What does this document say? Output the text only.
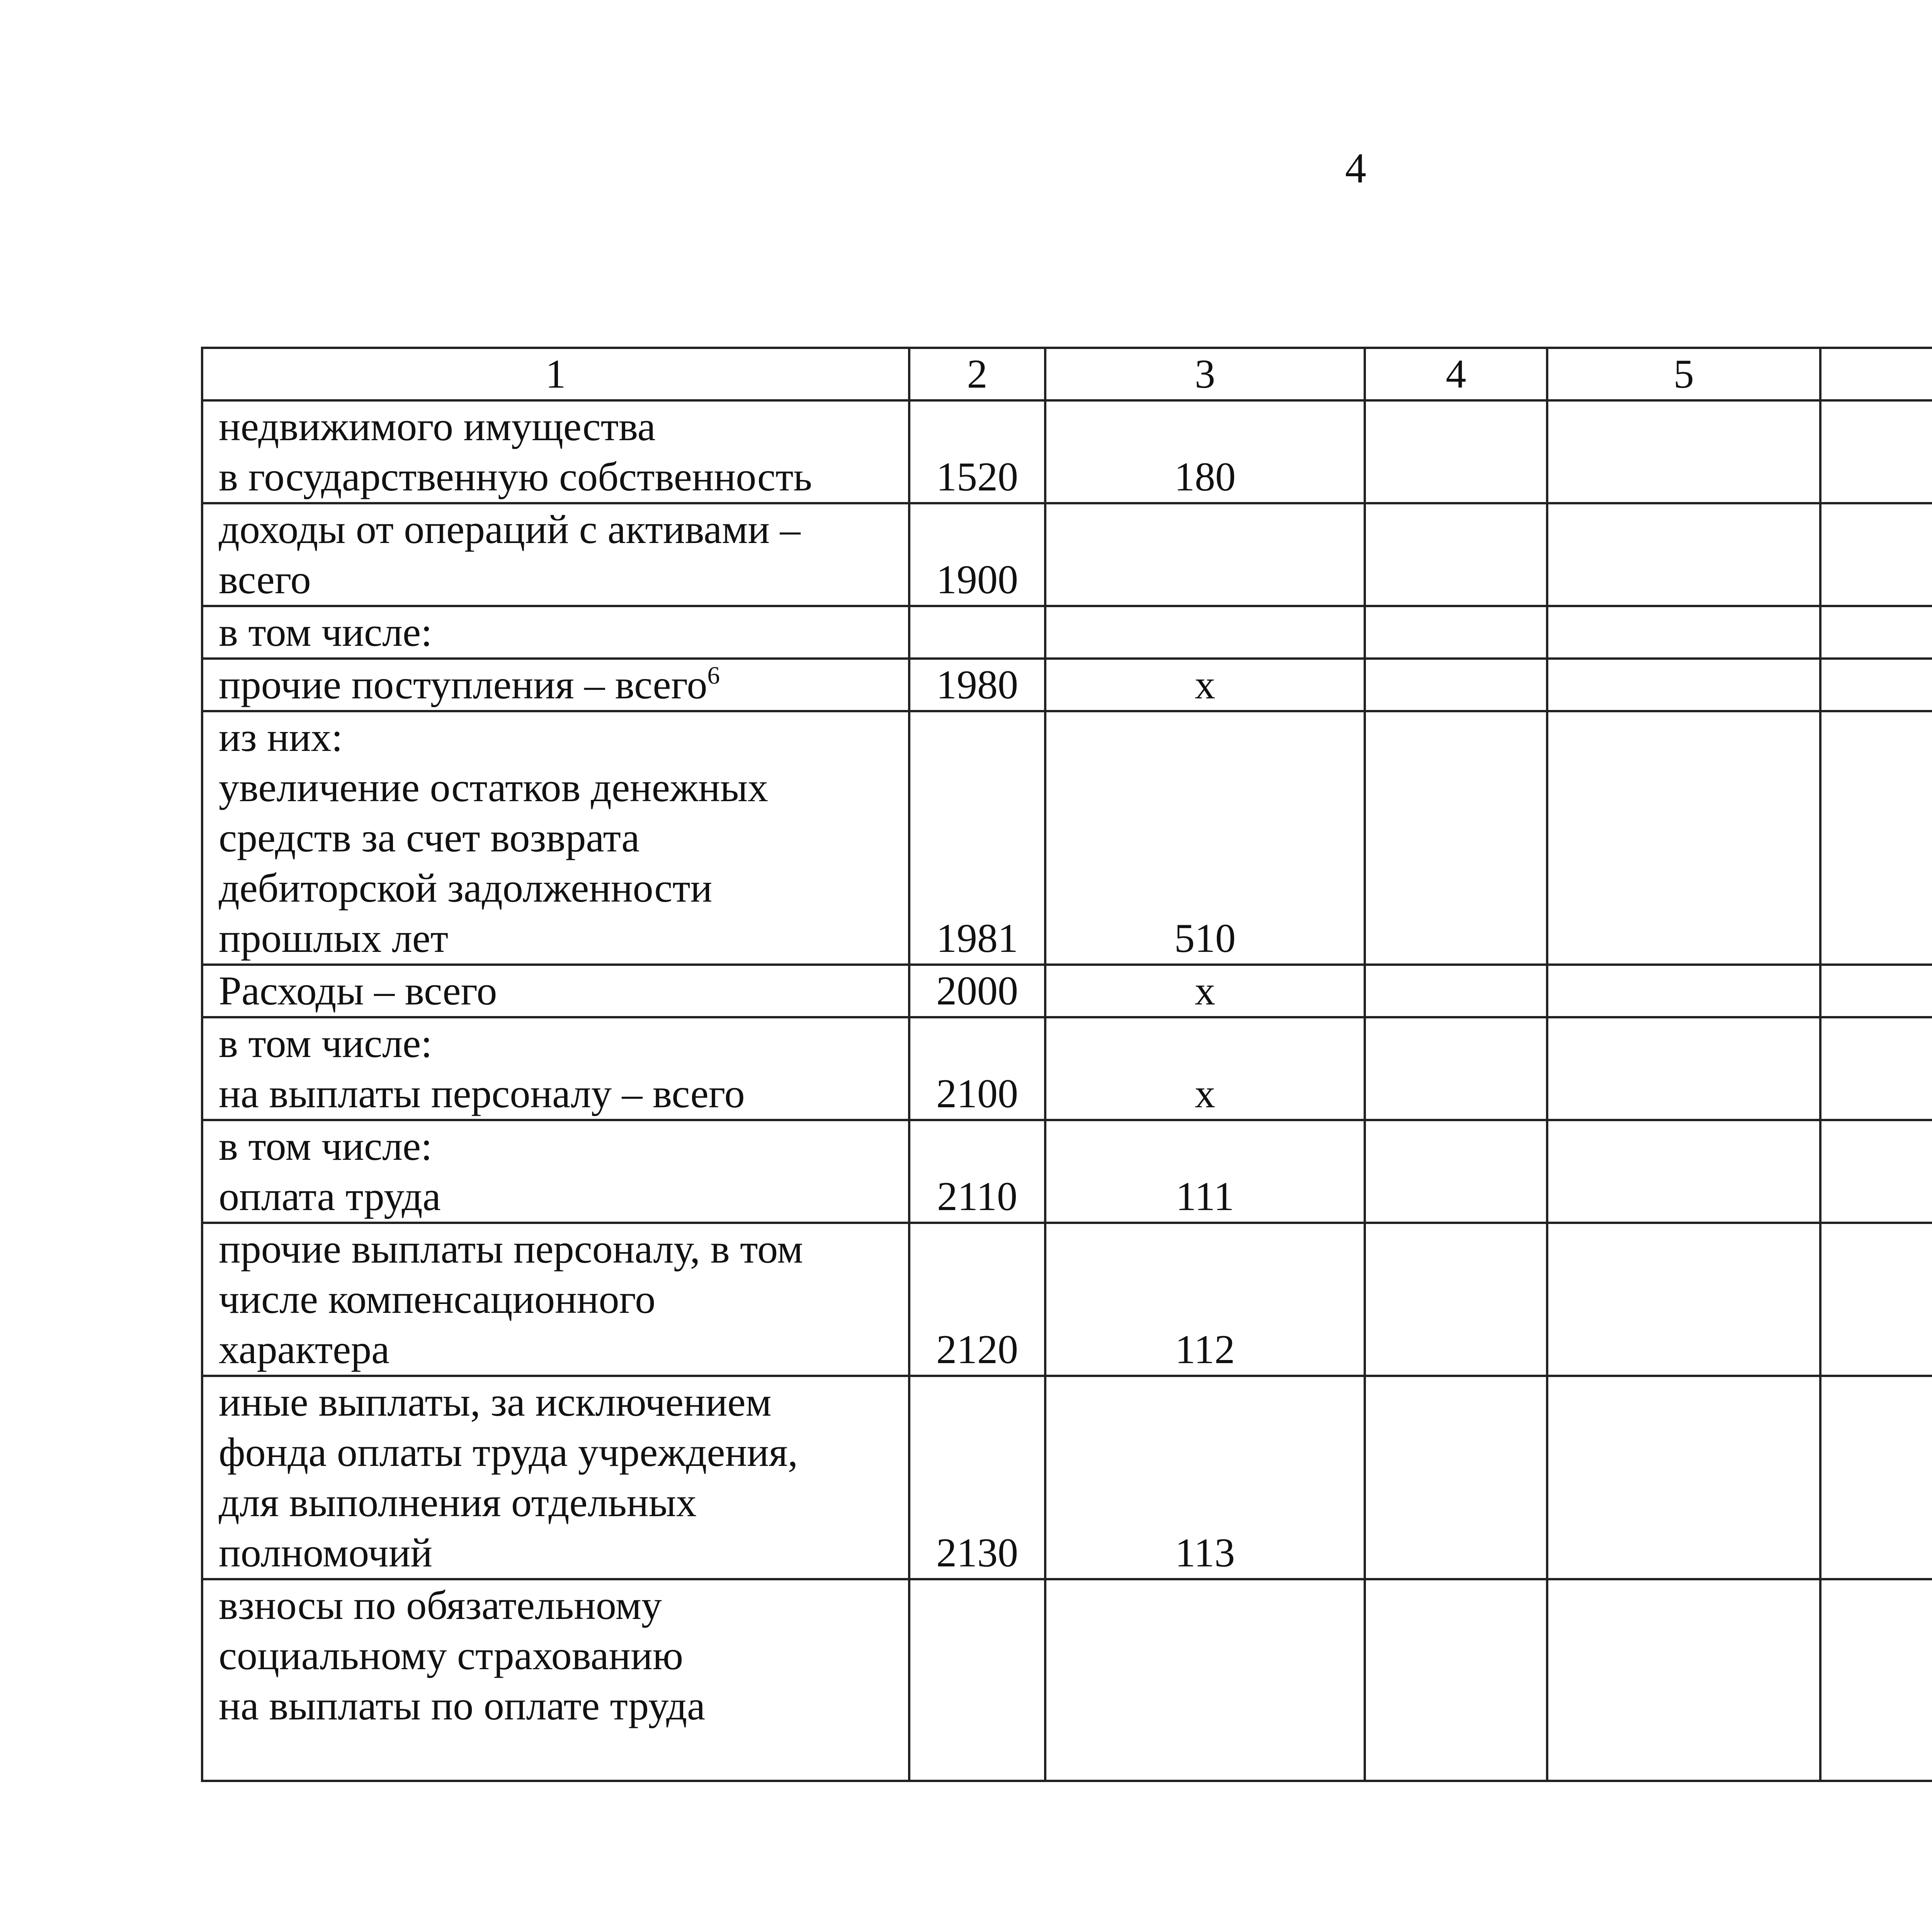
4
1	2	3	4	5			

недвижимого имущества
в государственную собственность	1520	180					

доходы от операций с активами –
всего	1900						

в том числе:							

прочие поступления – всего$^6$	1980	x					

из них:
увеличение остатков денежных
средств за счет возврата
дебиторской задолженности
прошлых лет	1981	510					

Расходы – всего	2000	x					

в том числе:
на выплаты персоналу – всего	2100	x					

в том числе:
оплата труда	2110	111					

прочие выплаты персоналу, в том
числе компенсационного
характера	2120	112					

иные выплаты, за исключением
фонда оплаты труда учреждения,
для выполнения отдельных
полномочий	2130	113					

взносы по обязательному
социальному страхованию
на выплаты по оплате труда							
